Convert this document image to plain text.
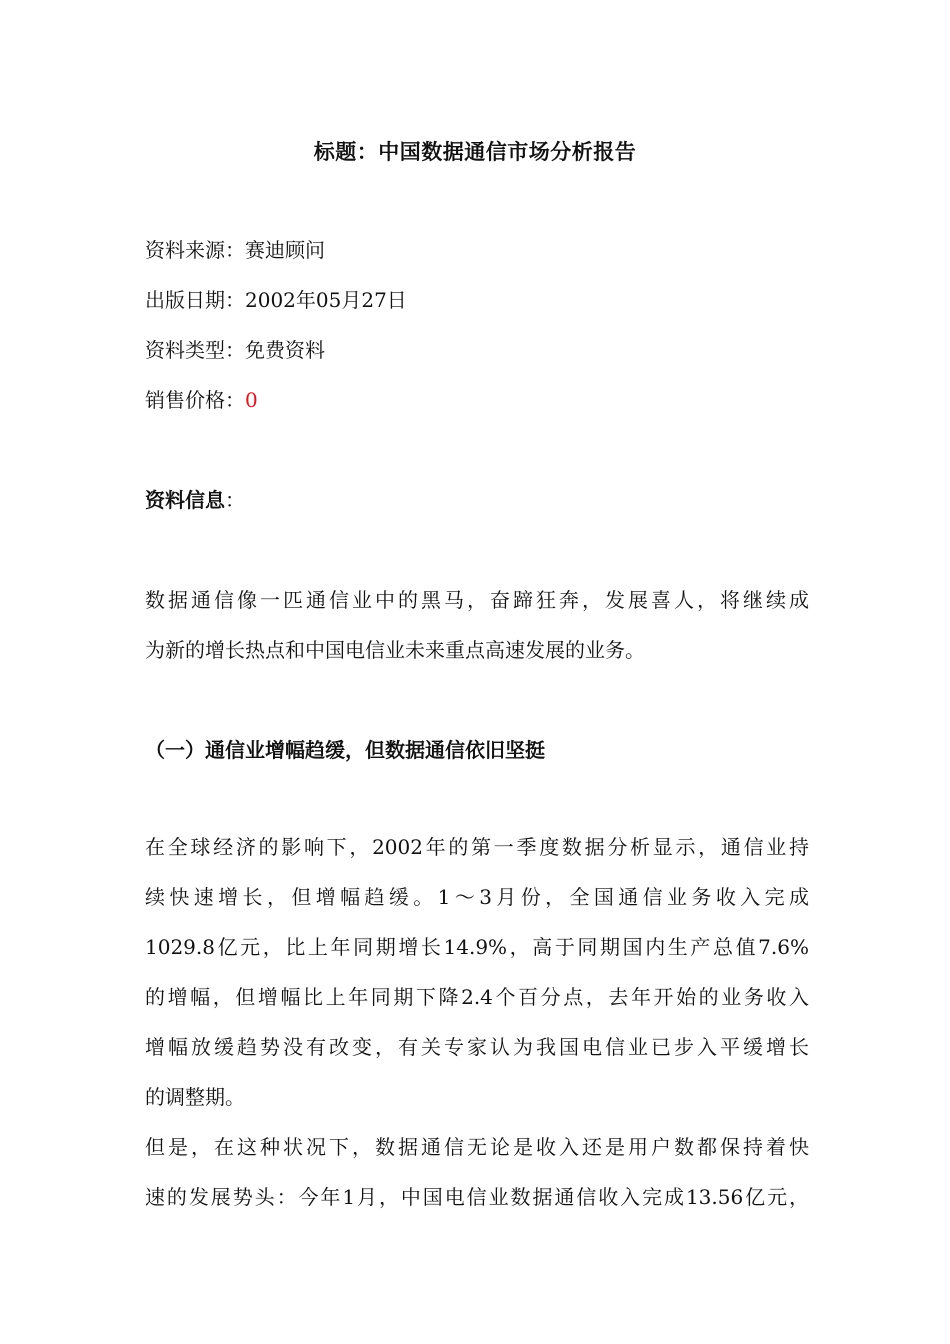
标题：中国数据通信市场分析报告
资料来源：赛迪顾问
出版日期：2002年05月27日
资料类型：免费资料
销售价格：0
资料信息：
数据通信像一匹通信业中的黑马，奋蹄狂奔，发展喜人，将继续成
为新的增长热点和中国电信业未来重点高速发展的业务。
（一）通信业增幅趋缓，但数据通信依旧坚挺
在全球经济的影响下，2002年的第一季度数据分析显示，通信业持
续快速增长，但增幅趋缓。1～3月份，全国通信业务收入完成
1029.8亿元，比上年同期增长14.9%，高于同期国内生产总值7.6%
的增幅，但增幅比上年同期下降2.4个百分点，去年开始的业务收入
增幅放缓趋势没有改变，有关专家认为我国电信业已步入平缓增长
的调整期。
但是，在这种状况下，数据通信无论是收入还是用户数都保持着快
速的发展势头：今年1月，中国电信业数据通信收入完成13.56亿元，
